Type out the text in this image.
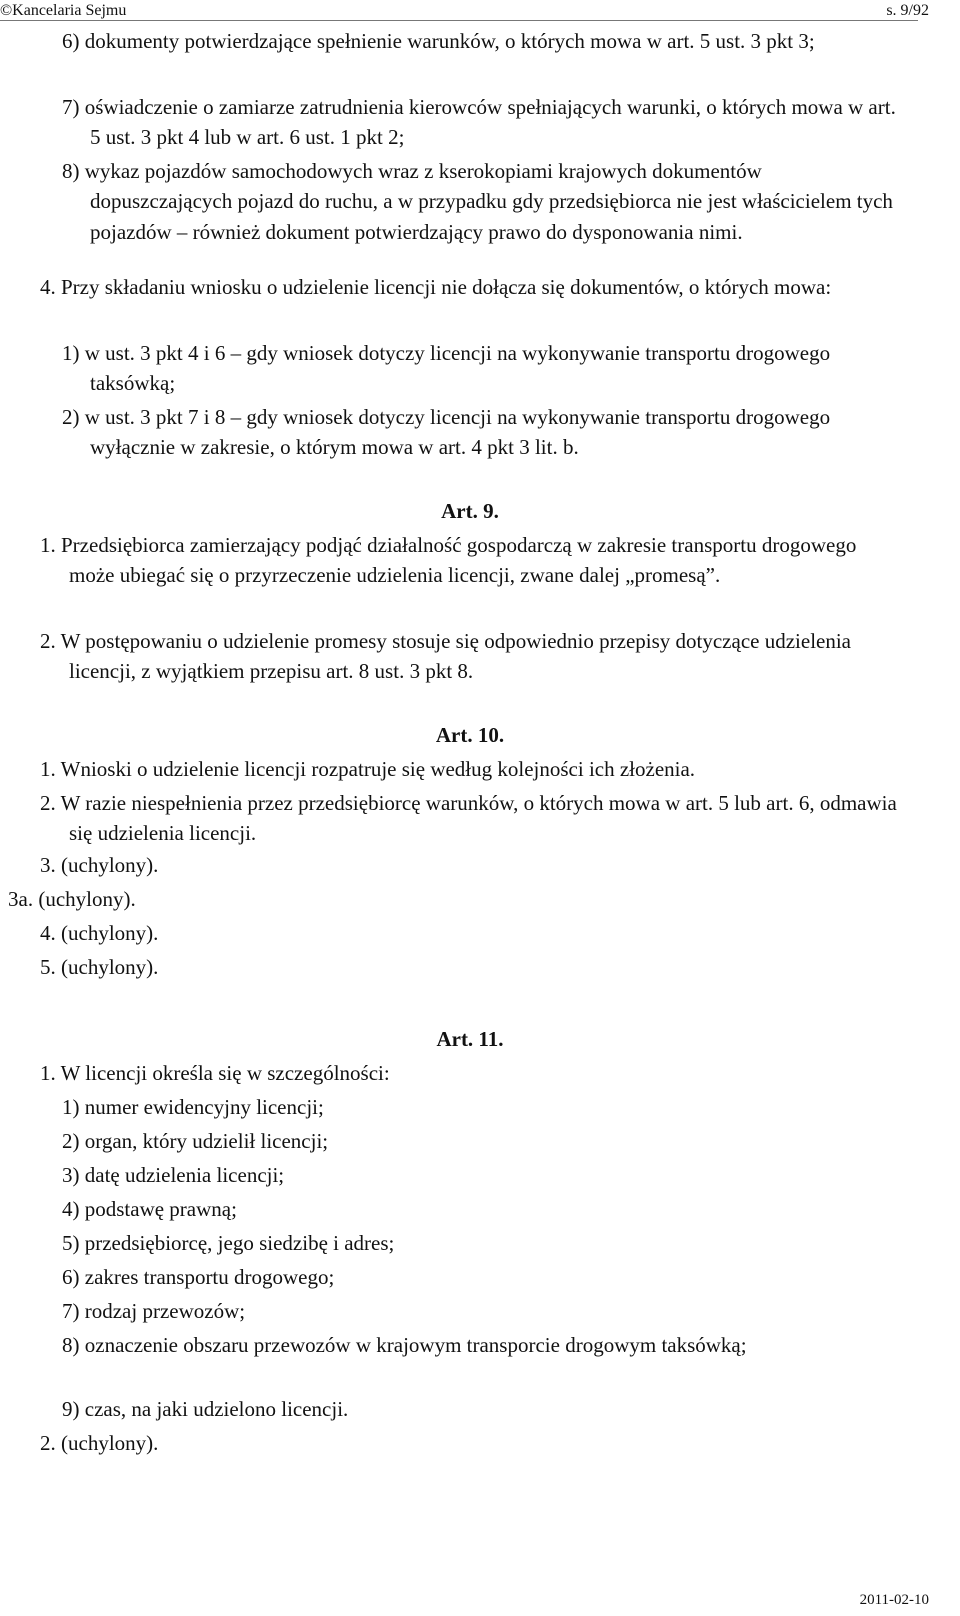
©Kancelaria Sejmu	s. 9/92
6) dokumenty potwierdzające spełnienie warunków, o których mowa w art. 5 ust. 3 pkt 3;
7) oświadczenie o zamiarze zatrudnienia kierowców spełniających warunki, o których mowa w art. 5 ust. 3 pkt 4 lub w art. 6 ust. 1 pkt 2;
8) wykaz pojazdów samochodowych wraz z kserokopiami krajowych dokumentów dopuszczających pojazd do ruchu, a w przypadku gdy przedsiębiorca nie jest właścicielem tych pojazdów – również dokument potwierdzający prawo do dysponowania nimi.
4. Przy składaniu wniosku o udzielenie licencji nie dołącza się dokumentów, o których mowa:
1) w ust. 3 pkt 4 i 6 – gdy wniosek dotyczy licencji na wykonywanie transportu drogowego taksówką;
2) w ust. 3 pkt 7 i 8 – gdy wniosek dotyczy licencji na wykonywanie transportu drogowego wyłącznie w zakresie, o którym mowa w art. 4 pkt 3 lit. b.
Art. 9.
1. Przedsiębiorca zamierzający podjąć działalność gospodarczą w zakresie transportu drogowego może ubiegać się o przyrzeczenie udzielenia licencji, zwane dalej „promesą”.
2. W postępowaniu o udzielenie promesy stosuje się odpowiednio przepisy dotyczące udzielenia licencji, z wyjątkiem przepisu art. 8 ust. 3 pkt 8.
Art. 10.
1. Wnioski o udzielenie licencji rozpatruje się według kolejności ich złożenia.
2. W razie niespełnienia przez przedsiębiorcę warunków, o których mowa w art. 5 lub art. 6, odmawia się udzielenia licencji.
3. (uchylony).
3a. (uchylony).
4. (uchylony).
5. (uchylony).
Art. 11.
1. W licencji określa się w szczególności:
1) numer ewidencyjny licencji;
2) organ, który udzielił licencji;
3) datę udzielenia licencji;
4) podstawę prawną;
5) przedsiębiorcę, jego siedzibę i adres;
6) zakres transportu drogowego;
7) rodzaj przewozów;
8) oznaczenie obszaru przewozów w krajowym transporcie drogowym taksówką;
9) czas, na jaki udzielono licencji.
2. (uchylony).
2011-02-10
